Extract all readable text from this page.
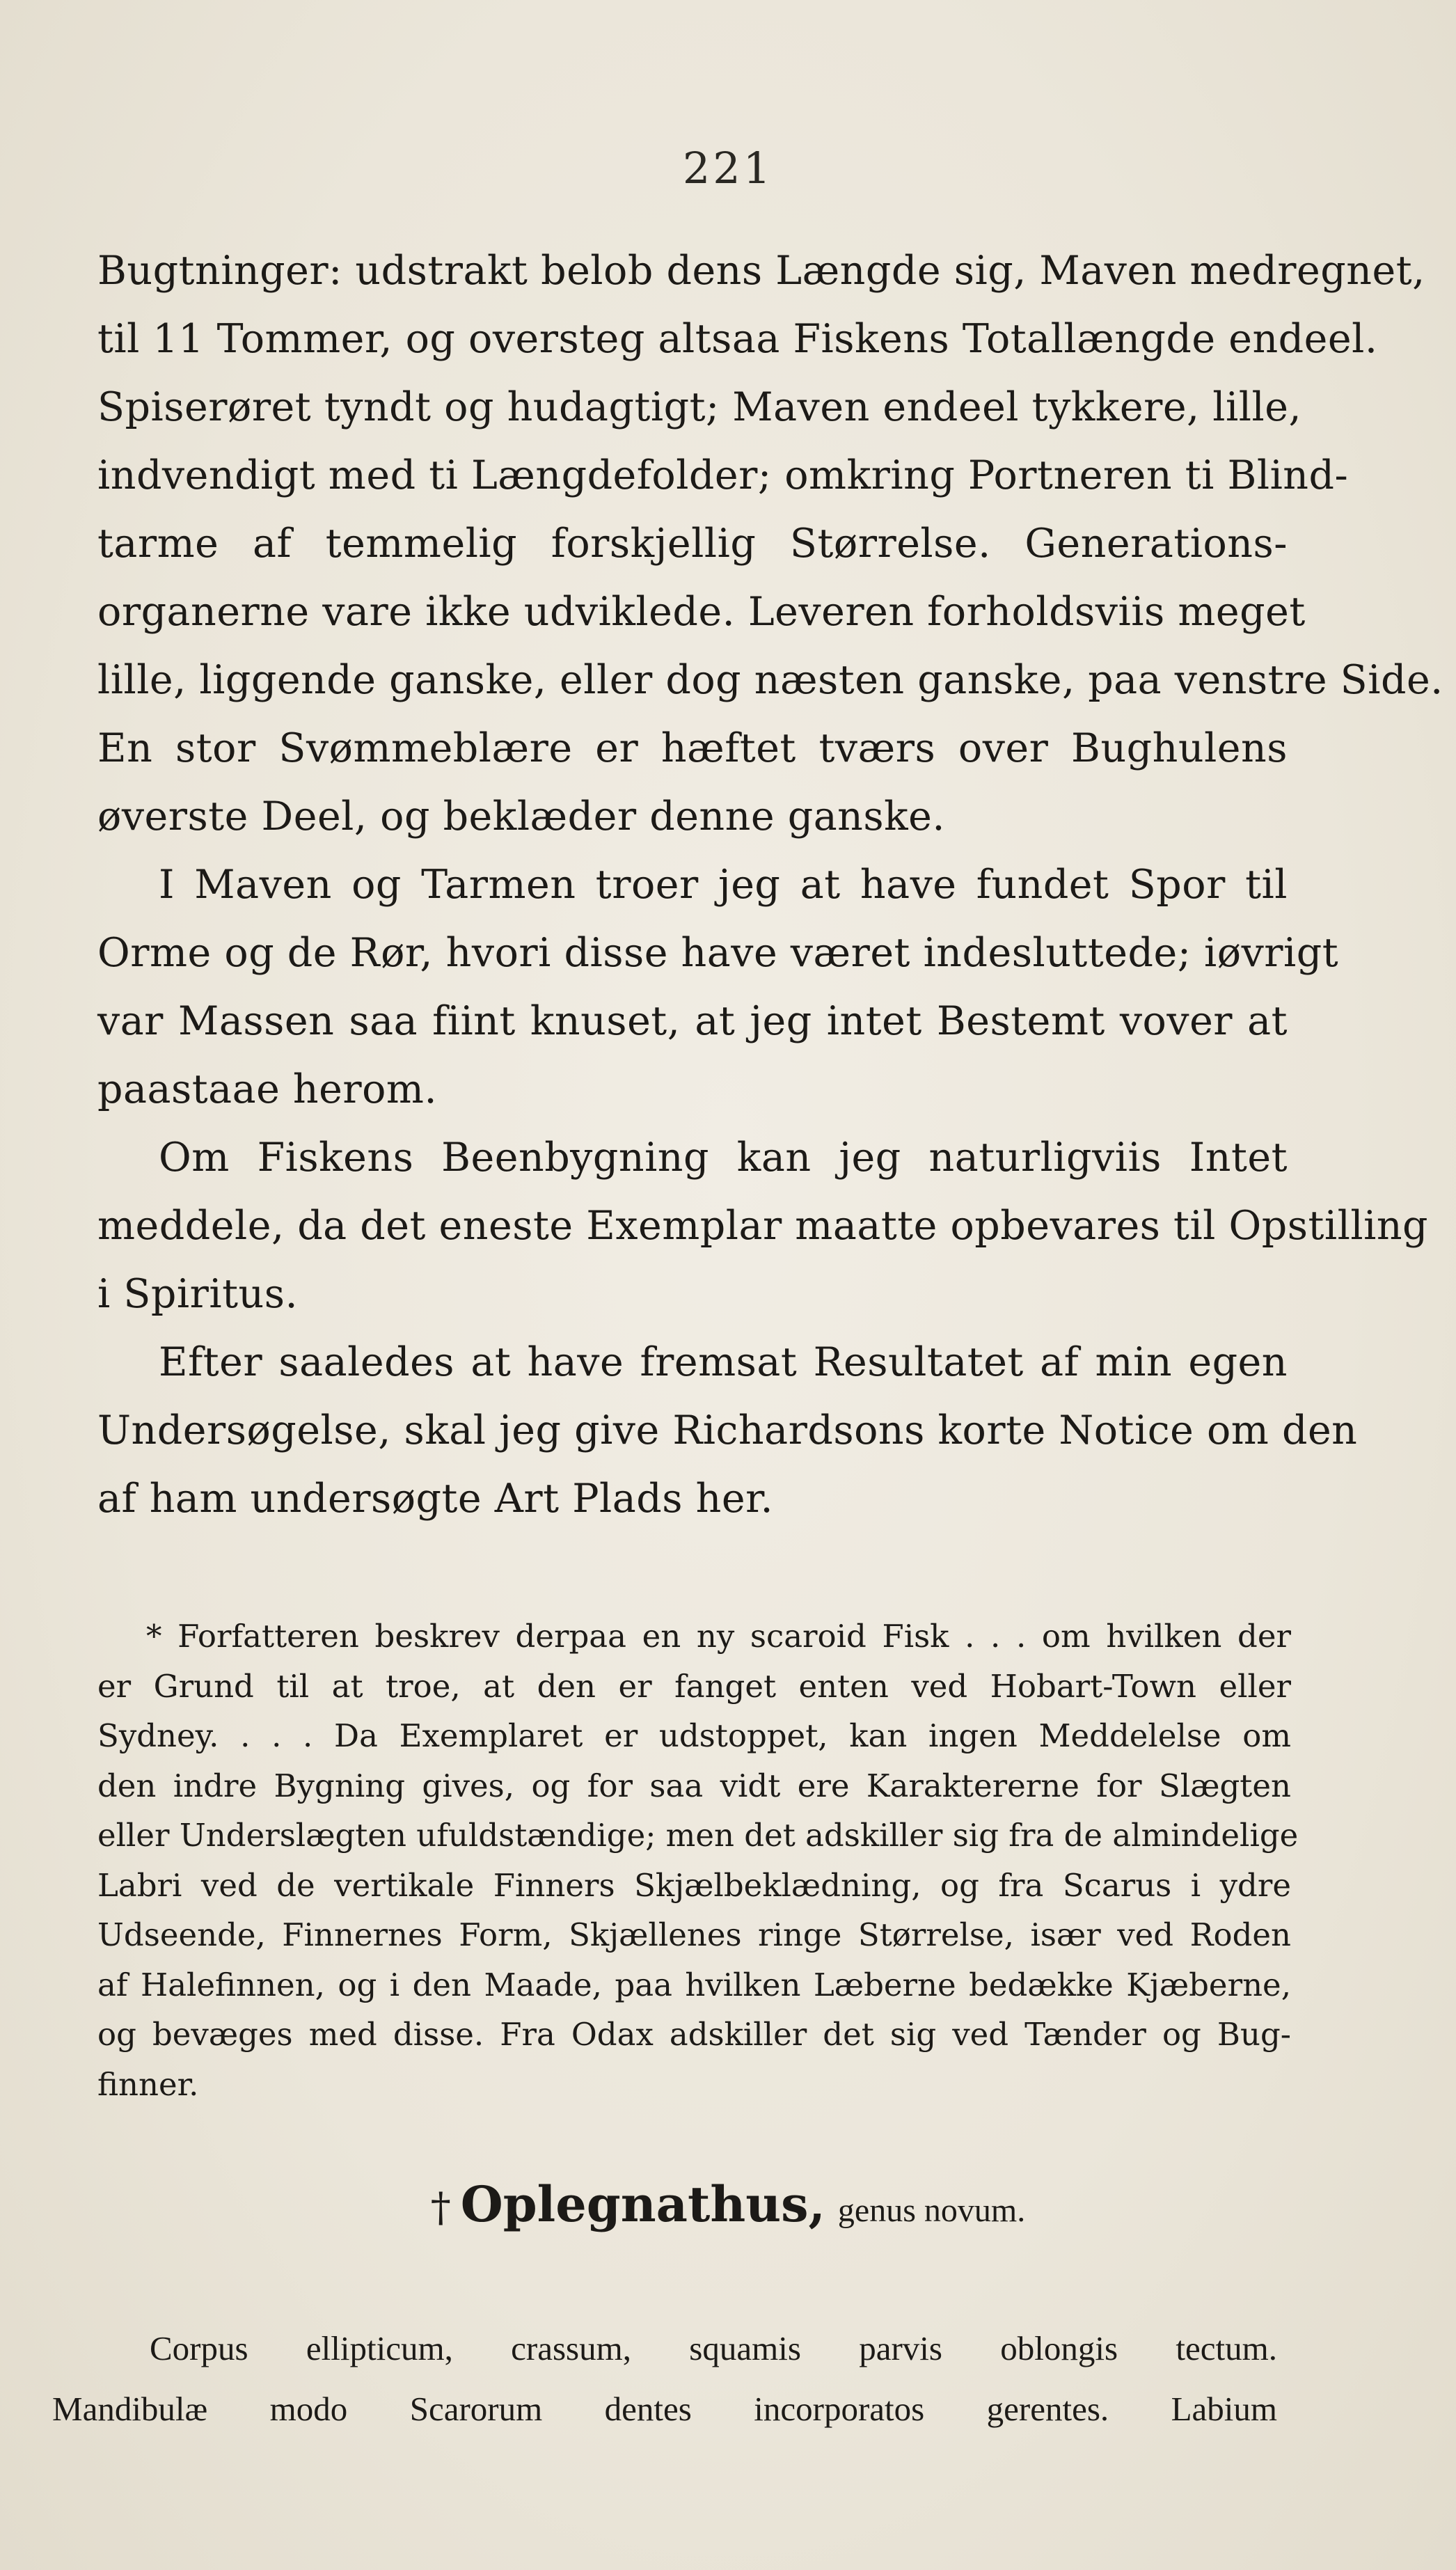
221
Bugtninger: udstrakt belob dens Længde sig, Maven medregnet,
til 11 Tommer, og oversteg altsaa Fiskens Totallængde endeel.
Spiserøret tyndt og hudagtigt; Maven endeel tykkere, lille,
indvendigt med ti Længdefolder; omkring Portneren ti Blind-
tarme af temmelig forskjellig Størrelse. Generations-
organerne vare ikke udviklede. Leveren forholdsviis meget
lille, liggende ganske, eller dog næsten ganske, paa venstre Side.
En stor Svømmeblære er hæftet tværs over Bughulens
øverste Deel, og beklæder denne ganske.
I Maven og Tarmen troer jeg at have fundet Spor til
Orme og de Rør, hvori disse have været indesluttede; iøvrigt
var Massen saa fiint knuset, at jeg intet Bestemt vover at
paastaae herom.
Om Fiskens Beenbygning kan jeg naturligviis Intet
meddele, da det eneste Exemplar maatte opbevares til Opstilling
i Spiritus.
Efter saaledes at have fremsat Resultatet af min egen
Undersøgelse, skal jeg give Richardsons korte Notice om den
af ham undersøgte Art Plads her.
* Forfatteren beskrev derpaa en ny scaroid Fisk . . . om hvilken der
er Grund til at troe, at den er fanget enten ved Hobart-Town eller
Sydney. . . . Da Exemplaret er udstoppet, kan ingen Meddelelse om
den indre Bygning gives, og for saa vidt ere Karaktererne for Slægten
eller Underslægten ufuldstændige; men det adskiller sig fra de almindelige
Labri ved de vertikale Finners Skjælbeklædning, og fra Scarus i ydre
Udseende, Finnernes Form, Skjællenes ringe Størrelse, især ved Roden
af Halefinnen, og i den Maade, paa hvilken Læberne bedække Kjæberne,
og bevæges med disse. Fra Odax adskiller det sig ved Tænder og Bug-
finner.
† Oplegnathus, genus novum.
Corpus ellipticum, crassum, squamis parvis oblongis tectum.
Mandibulæ modo Scarorum dentes incorporatos gerentes. Labium
